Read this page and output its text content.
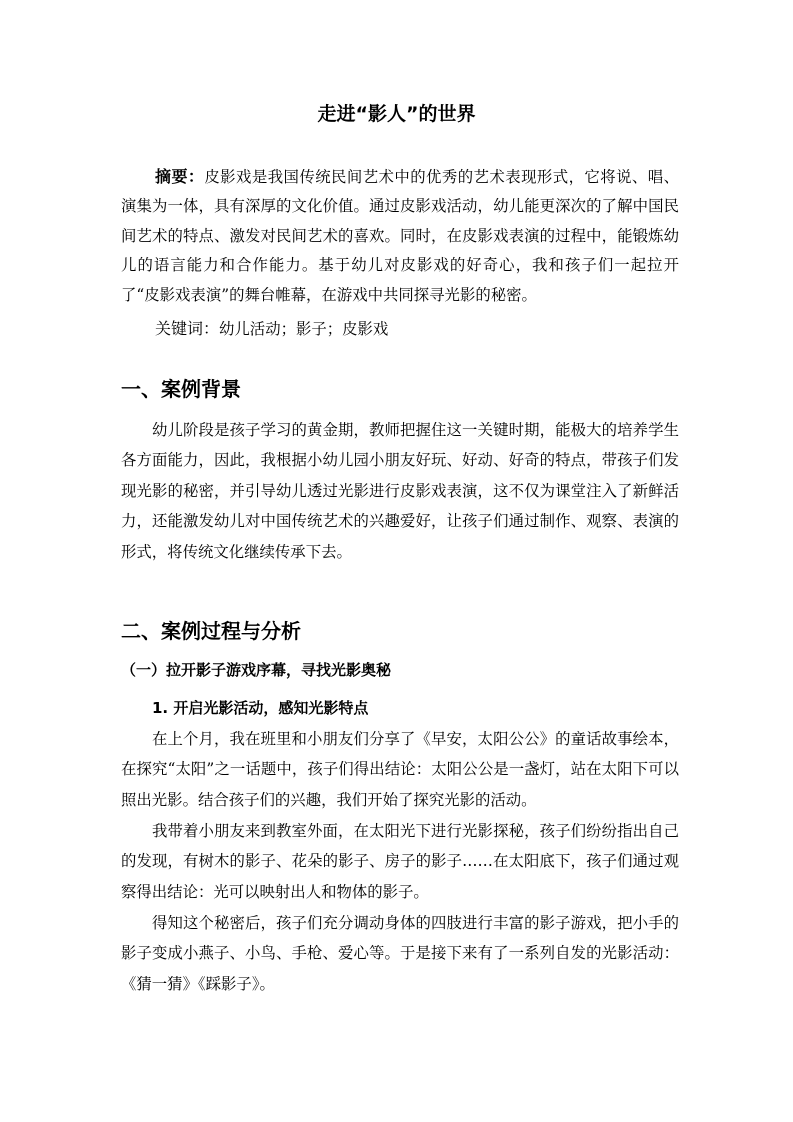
走进“影人”的世界
摘要：皮影戏是我国传统民间艺术中的优秀的艺术表现形式，它将说、唱、演集为一体，具有深厚的文化价值。通过皮影戏活动，幼儿能更深次的了解中国民间艺术的特点、激发对民间艺术的喜欢。同时，在皮影戏表演的过程中，能锻炼幼儿的语言能力和合作能力。基于幼儿对皮影戏的好奇心，我和孩子们一起拉开了“皮影戏表演”的舞台帷幕，在游戏中共同探寻光影的秘密。
关键词：幼儿活动；影子；皮影戏
一、案例背景
幼儿阶段是孩子学习的黄金期，教师把握住这一关键时期，能极大的培养学生各方面能力，因此，我根据小幼儿园小朋友好玩、好动、好奇的特点，带孩子们发现光影的秘密，并引导幼儿透过光影进行皮影戏表演，这不仅为课堂注入了新鲜活力，还能激发幼儿对中国传统艺术的兴趣爱好，让孩子们通过制作、观察、表演的形式，将传统文化继续传承下去。
二、案例过程与分析
（一）拉开影子游戏序幕，寻找光影奥秘
1. 开启光影活动，感知光影特点
在上个月，我在班里和小朋友们分享了《早安，太阳公公》的童话故事绘本，在探究“太阳”之一话题中，孩子们得出结论：太阳公公是一盏灯，站在太阳下可以照出光影。结合孩子们的兴趣，我们开始了探究光影的活动。
我带着小朋友来到教室外面，在太阳光下进行光影探秘，孩子们纷纷指出自己的发现，有树木的影子、花朵的影子、房子的影子……在太阳底下，孩子们通过观察得出结论：光可以映射出人和物体的影子。
得知这个秘密后，孩子们充分调动身体的四肢进行丰富的影子游戏，把小手的影子变成小燕子、小鸟、手枪、爱心等。于是接下来有了一系列自发的光影活动：《猜一猜》《踩影子》。
